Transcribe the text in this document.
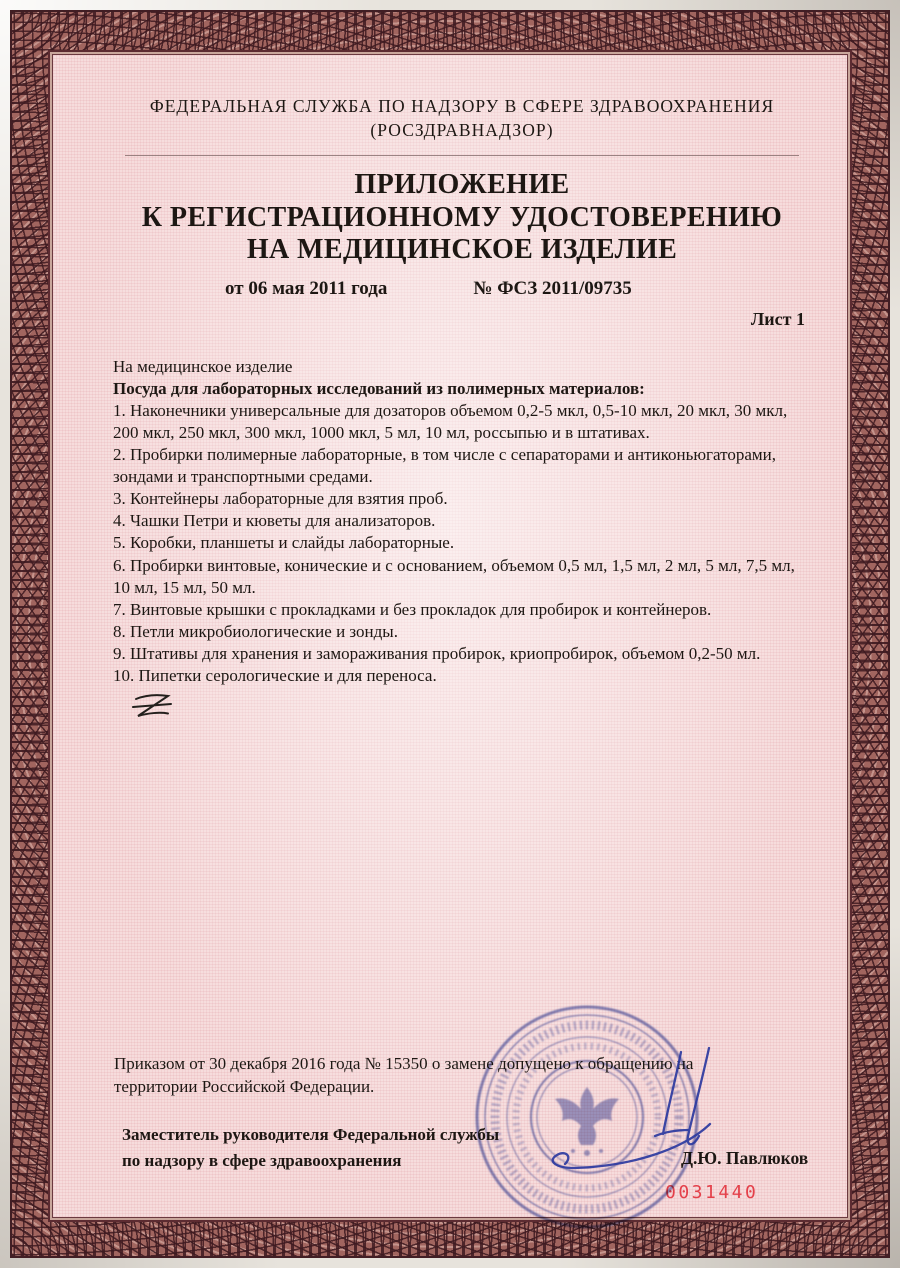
ФЕДЕРАЛЬНАЯ СЛУЖБА ПО НАДЗОРУ В СФЕРЕ ЗДРАВООХРАНЕНИЯ
(РОСЗДРАВНАДЗОР)
ПРИЛОЖЕНИЕ
К РЕГИСТРАЦИОННОМУ УДОСТОВЕРЕНИЮ
НА МЕДИЦИНСКОЕ ИЗДЕЛИЕ
от 06 мая 2011 года	№ ФСЗ 2011/09735
Лист 1

На медицинское изделие

Посуда для лабораторных исследований из полимерных материалов:

1. Наконечники универсальные для дозаторов объемом 0,2-5 мкл, 0,5-10 мкл, 20 мкл, 30 мкл, 200 мкл, 250 мкл, 300 мкл, 1000 мкл, 5 мл, 10 мл, россыпью и в штативах.

2. Пробирки полимерные лабораторные, в том числе с сепараторами и антиконьюгаторами, зондами и транспортными средами.

3. Контейнеры лабораторные для взятия проб.

4. Чашки Петри и кюветы для анализаторов.

5. Коробки, планшеты и слайды лабораторные.

6. Пробирки винтовые, конические и с основанием, объемом 0,5 мл, 1,5 мл, 2 мл, 5 мл, 7,5 мл, 10 мл, 15 мл, 50 мл.

7. Винтовые крышки с прокладками и без прокладок для пробирок и контейнеров.

8. Петли микробиологические и зонды.

9. Штативы для хранения и замораживания пробирок, криопробирок, объемом 0,2-50 мл.

10. Пипетки серологические и для переноса.

Приказом от 30 декабря 2016 года № 15350 о замене допущено к обращению на территории Российской Федерации.
Заместитель руководителя Федеральной службы
по надзору в сфере здравоохранения	Д.Ю. Павлюков
0031440
